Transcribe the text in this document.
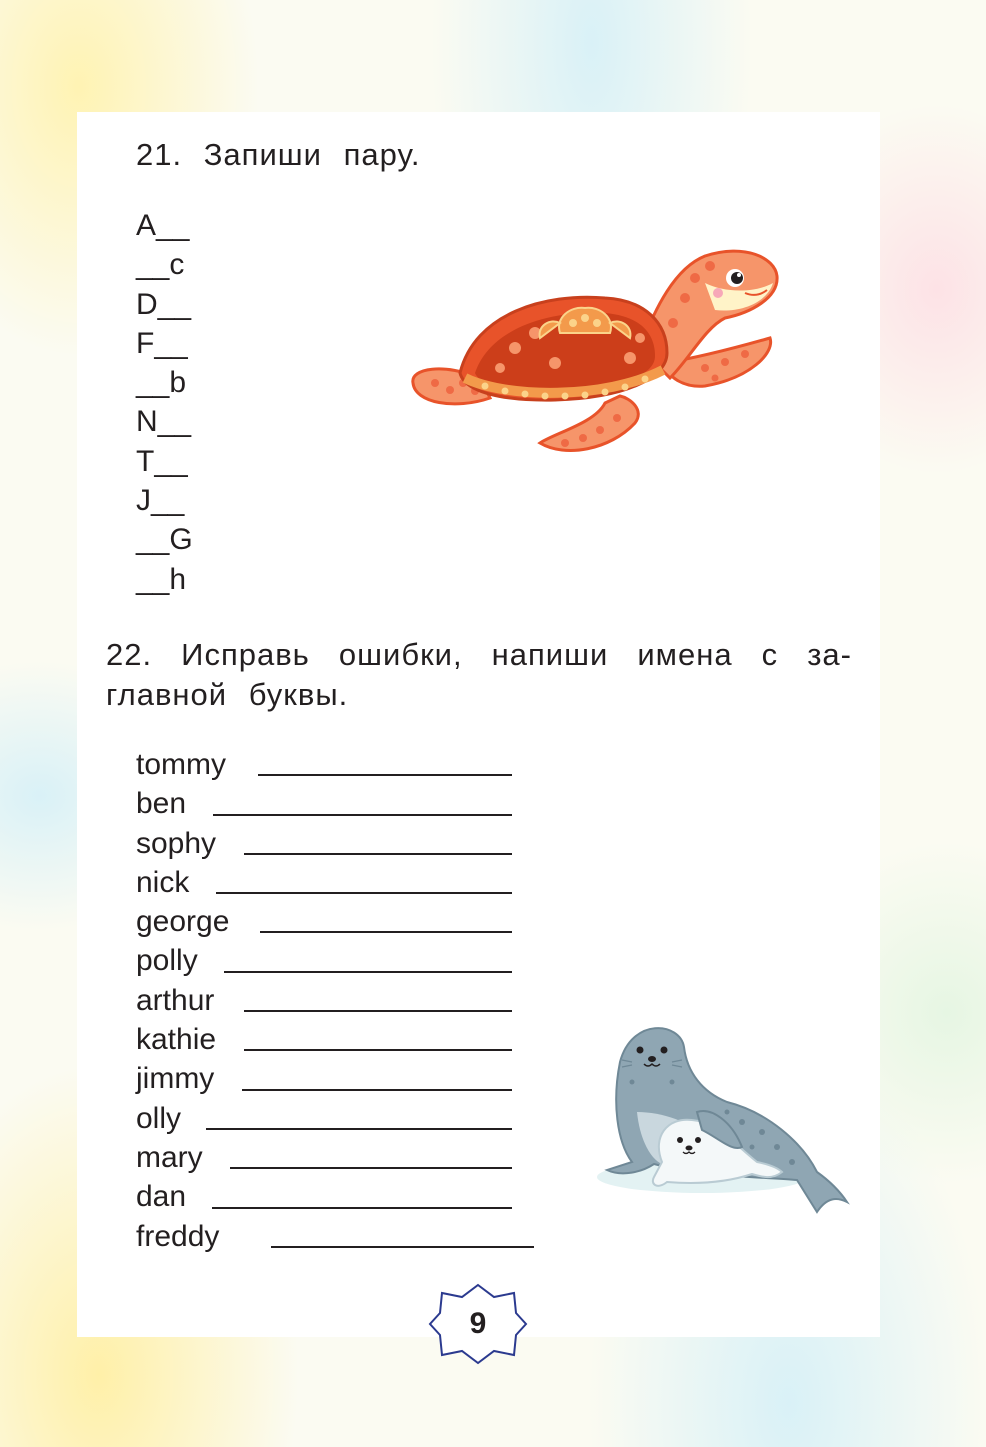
21. Запиши пару.
A__
__c
D__
F__
__b
N__
T__
J__
__G
__h
22. Исправь ошибки, напиши имена с заглавной буквы.
tommy
ben
sophy
nick
george
polly
arthur
kathie
jimmy
olly
mary
dan
freddy
9
